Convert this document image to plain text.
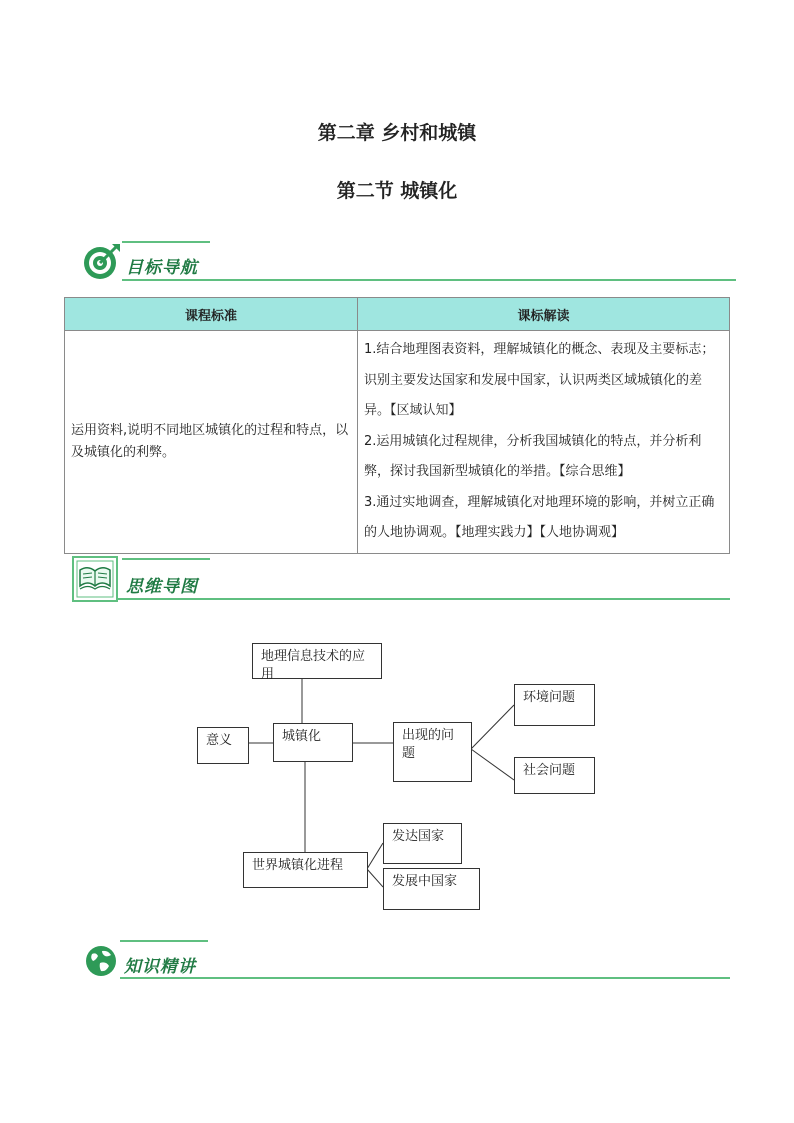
第二章 乡村和城镇
第二节 城镇化
目标导航
课程标准	课标解读
运用资料,说明不同地区城镇化的过程和特点，以及城镇化的利弊。	1.结合地理图表资料，理解城镇化的概念、表现及主要标志；识别主要发达国家和发展中国家，认识两类区域城镇化的差异。【区域认知】
2.运用城镇化过程规律，分析我国城镇化的特点，并分析利弊，探讨我国新型城镇化的举措。【综合思维】
3.通过实地调查，理解城镇化对地理环境的影响，并树立正确的人地协调观。【地理实践力】【人地协调观】
思维导图
地理信息技术的应用
意义	城镇化	出现的问题
环境问题
社会问题
世界城镇化进程
发达国家
发展中国家
知识精讲
